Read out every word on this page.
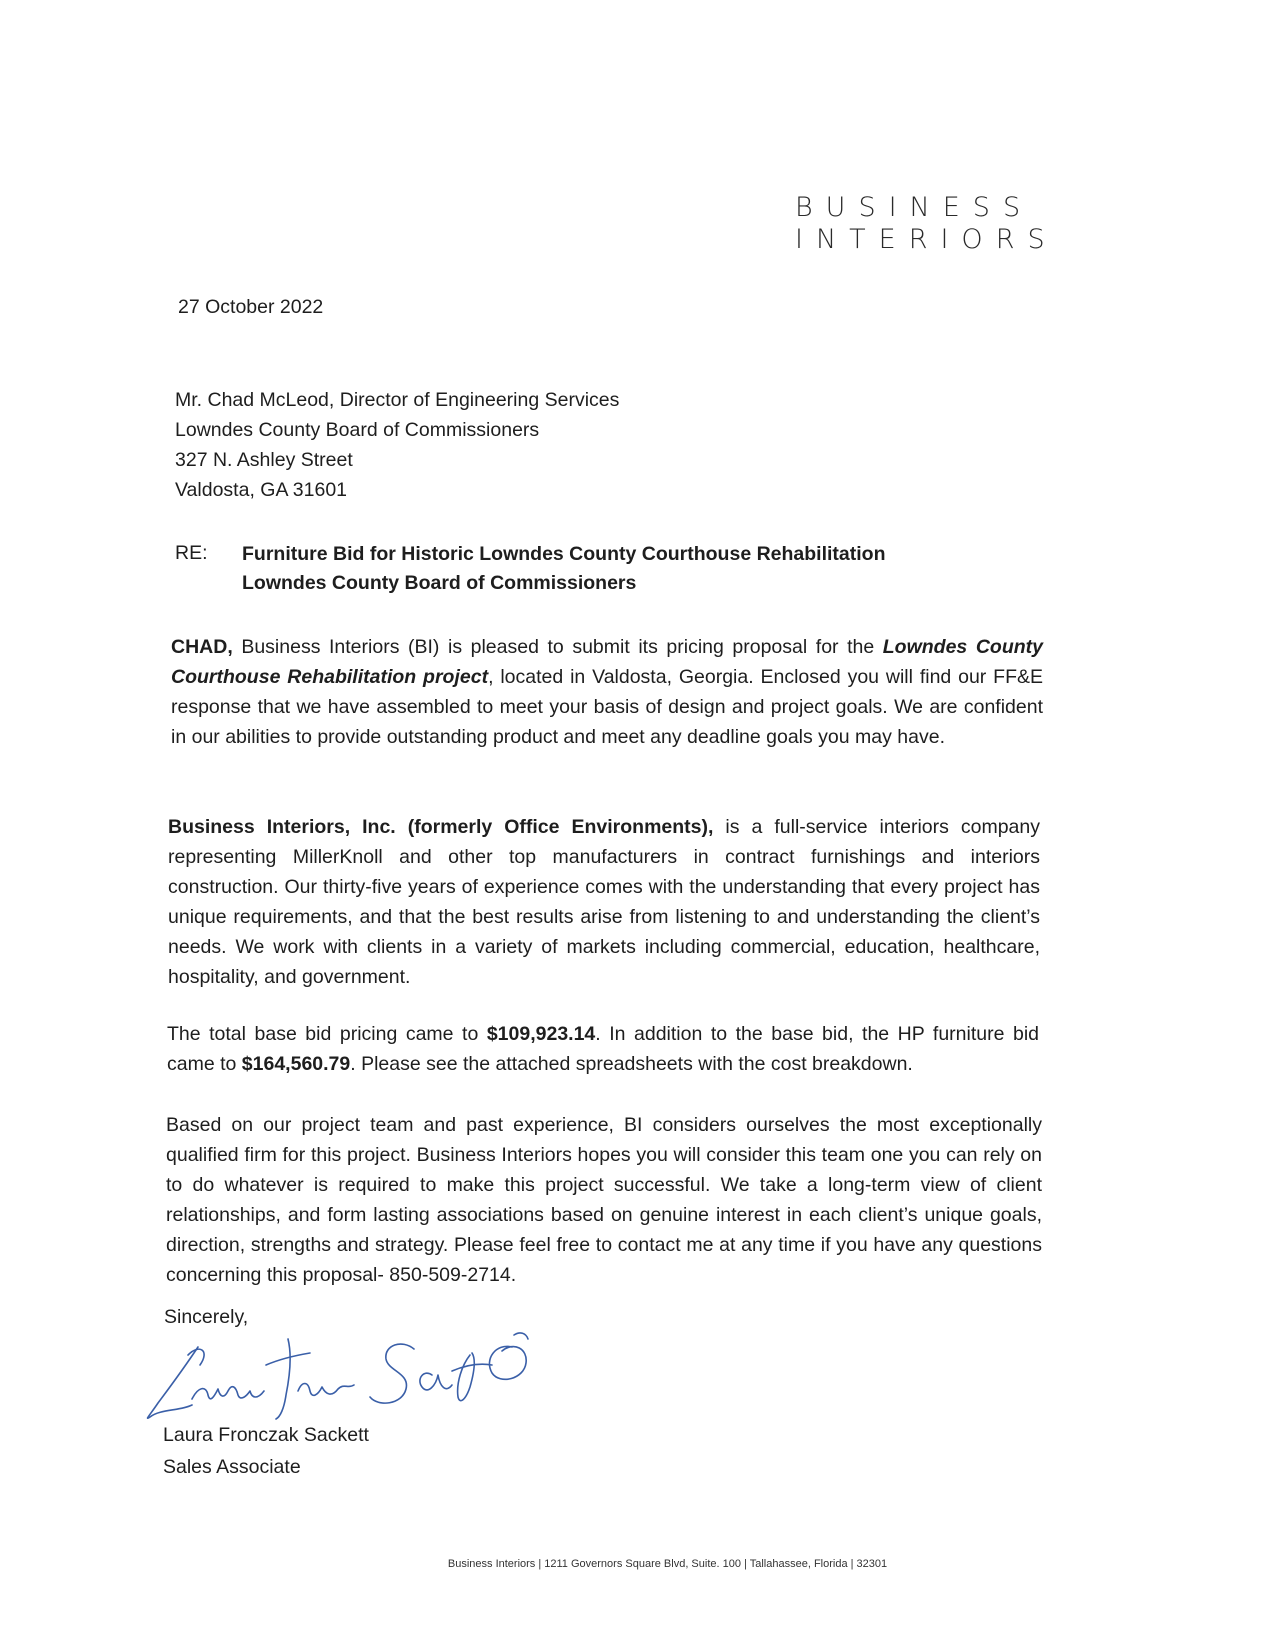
BUSINESS
INTERIORS
27 October 2022
Mr. Chad McLeod, Director of Engineering Services
Lowndes County Board of Commissioners
327 N. Ashley Street
Valdosta, GA 31601
RE: Furniture Bid for Historic Lowndes County Courthouse Rehabilitation
Lowndes County Board of Commissioners
CHAD, Business Interiors (BI) is pleased to submit its pricing proposal for the Lowndes County Courthouse Rehabilitation project, located in Valdosta, Georgia. Enclosed you will find our FF&E response that we have assembled to meet your basis of design and project goals. We are confident in our abilities to provide outstanding product and meet any deadline goals you may have.
Business Interiors, Inc. (formerly Office Environments), is a full-service interiors company representing MillerKnoll and other top manufacturers in contract furnishings and interiors construction. Our thirty-five years of experience comes with the understanding that every project has unique requirements, and that the best results arise from listening to and understanding the client’s needs. We work with clients in a variety of markets including commercial, education, healthcare, hospitality, and government.
The total base bid pricing came to $109,923.14. In addition to the base bid, the HP furniture bid came to $164,560.79. Please see the attached spreadsheets with the cost breakdown.
Based on our project team and past experience, BI considers ourselves the most exceptionally qualified firm for this project. Business Interiors hopes you will consider this team one you can rely on to do whatever is required to make this project successful. We take a long-term view of client relationships, and form lasting associations based on genuine interest in each client’s unique goals, direction, strengths and strategy. Please feel free to contact me at any time if you have any questions concerning this proposal- 850-509-2714.
Sincerely,
Laura Fronczak Sackett
Sales Associate
Business Interiors | 1211 Governors Square Blvd, Suite. 100 | Tallahassee, Florida | 32301
